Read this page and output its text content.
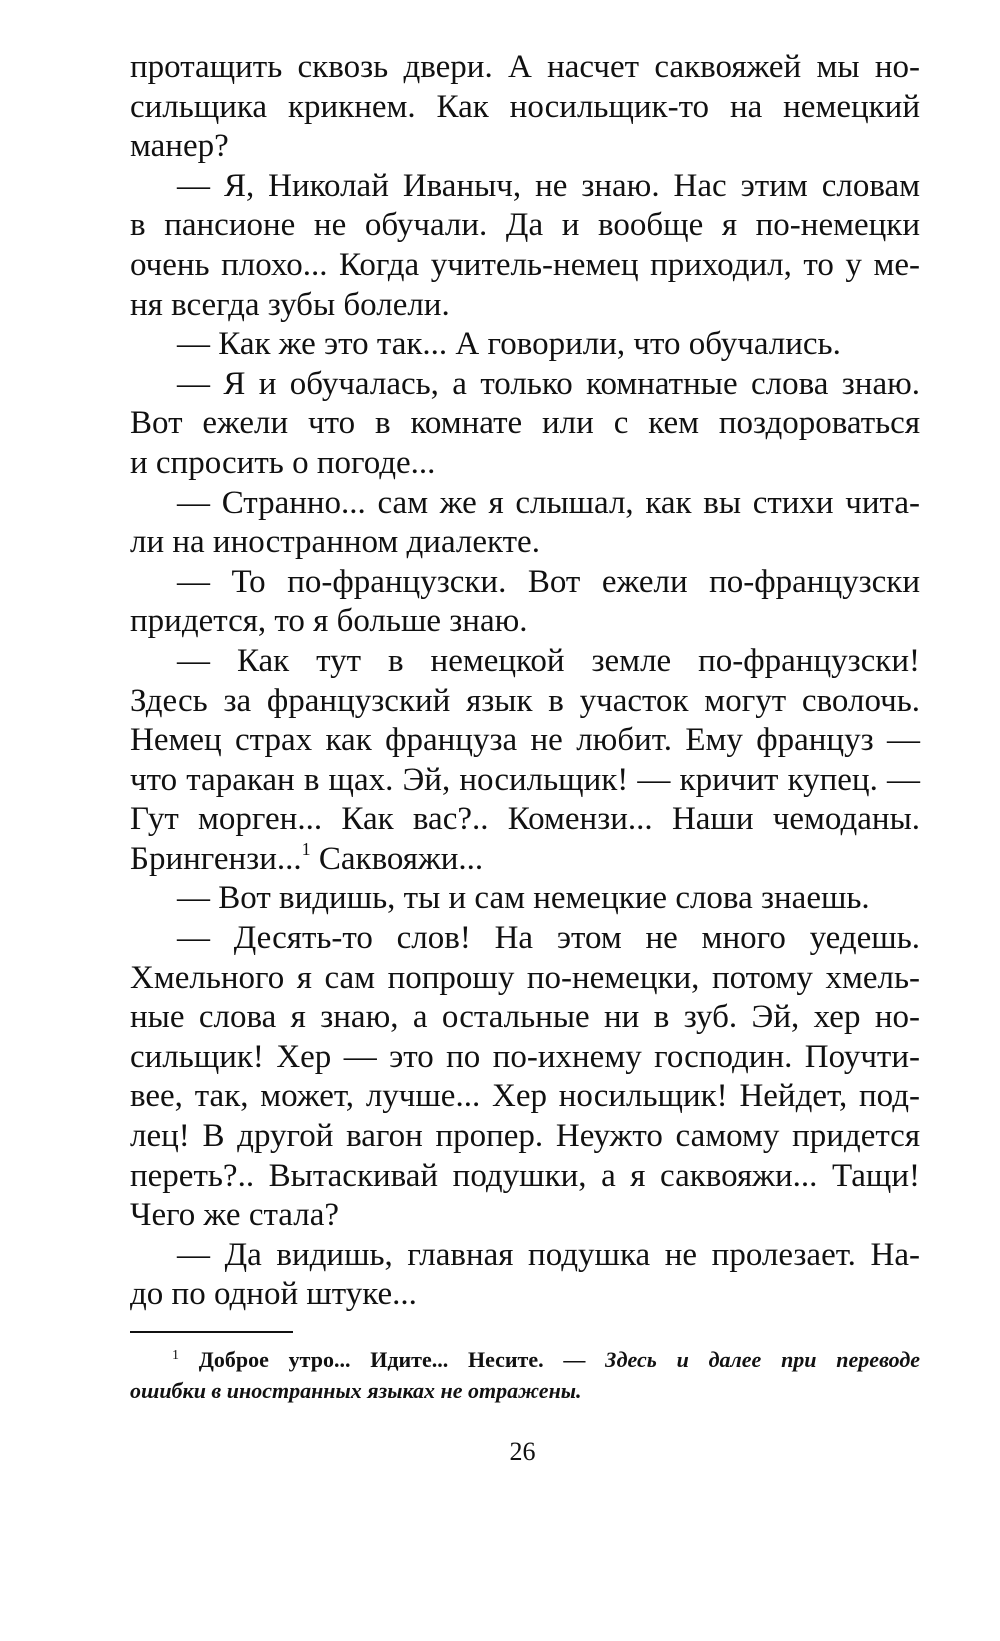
протащить сквозь двери. А насчет саквояжей мы но-
сильщика крикнем. Как носильщик-то на немецкий
манер?
— Я, Николай Иваныч, не знаю. Нас этим словам
в пансионе не обучали. Да и вообще я по-немецки
очень плохо... Когда учитель-немец приходил, то у ме-
ня всегда зубы болели.
— Как же это так... А говорили, что обучались.
— Я и обучалась, а только комнатные слова знаю.
Вот ежели что в комнате или с кем поздороваться
и спросить о погоде...
— Странно... сам же я слышал, как вы стихи чита-
ли на иностранном диалекте.
— То по-французски. Вот ежели по-французски
придется, то я больше знаю.
— Как тут в немецкой земле по-французски!
Здесь за французский язык в участок могут сволочь.
Немец страх как француза не любит. Ему француз —
что таракан в щах. Эй, носильщик! — кричит купец. —
Гут морген... Как вас?.. Комензи... Наши чемоданы.
Брингензи...$^1$ Саквояжи...
— Вот видишь, ты и сам немецкие слова знаешь.
— Десять-то слов! На этом не много уедешь.
Хмельного я сам попрошу по-немецки, потому хмель-
ные слова я знаю, а остальные ни в зуб. Эй, хер но-
сильщик! Хер — это по по-ихнему господин. Поучти-
вее, так, может, лучше... Хер носильщик! Нейдет, под-
лец! В другой вагон пропер. Неужто самому придется
переть?.. Вытаскивай подушки, а я саквояжи... Тащи!
Чего же стала?
— Да видишь, главная подушка не пролезает. На-
до по одной штуке...
$^1$ Доброе утро... Идите... Несите. — Здесь и далее при переводе
ошибки в иностранных языках не отражены.
26
